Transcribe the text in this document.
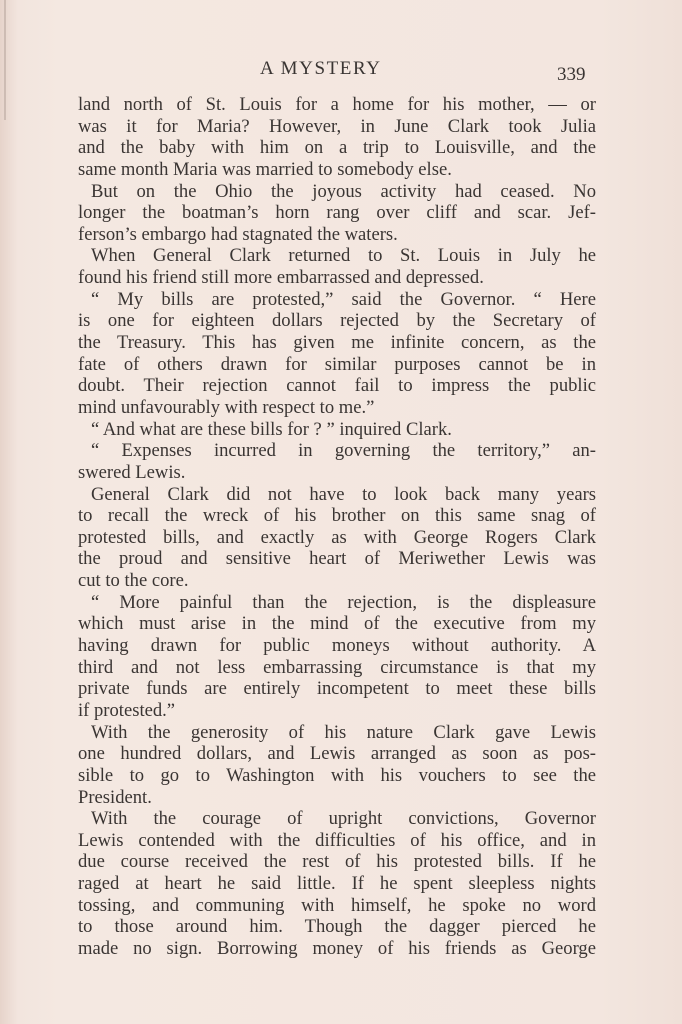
A MYSTERY	339
land north of St. Louis for a home for his mother, — or
was it for Maria? However, in June Clark took Julia
and the baby with him on a trip to Louisville, and the
same month Maria was married to somebody else.
But on the Ohio the joyous activity had ceased. No
longer the boatman’s horn rang over cliff and scar. Jef-
ferson’s embargo had stagnated the waters.
When General Clark returned to St. Louis in July he
found his friend still more embarrassed and depressed.
“ My bills are protested,” said the Governor. “ Here
is one for eighteen dollars rejected by the Secretary of
the Treasury. This has given me infinite concern, as the
fate of others drawn for similar purposes cannot be in
doubt. Their rejection cannot fail to impress the public
mind unfavourably with respect to me.”
“ And what are these bills for ? ” inquired Clark.
“ Expenses incurred in governing the territory,” an-
swered Lewis.
General Clark did not have to look back many years
to recall the wreck of his brother on this same snag of
protested bills, and exactly as with George Rogers Clark
the proud and sensitive heart of Meriwether Lewis was
cut to the core.
“ More painful than the rejection, is the displeasure
which must arise in the mind of the executive from my
having drawn for public moneys without authority. A
third and not less embarrassing circumstance is that my
private funds are entirely incompetent to meet these bills
if protested.”
With the generosity of his nature Clark gave Lewis
one hundred dollars, and Lewis arranged as soon as pos-
sible to go to Washington with his vouchers to see the
President.
With the courage of upright convictions, Governor
Lewis contended with the difficulties of his office, and in
due course received the rest of his protested bills. If he
raged at heart he said little. If he spent sleepless nights
tossing, and communing with himself, he spoke no word
to those around him. Though the dagger pierced he
made no sign. Borrowing money of his friends as George
